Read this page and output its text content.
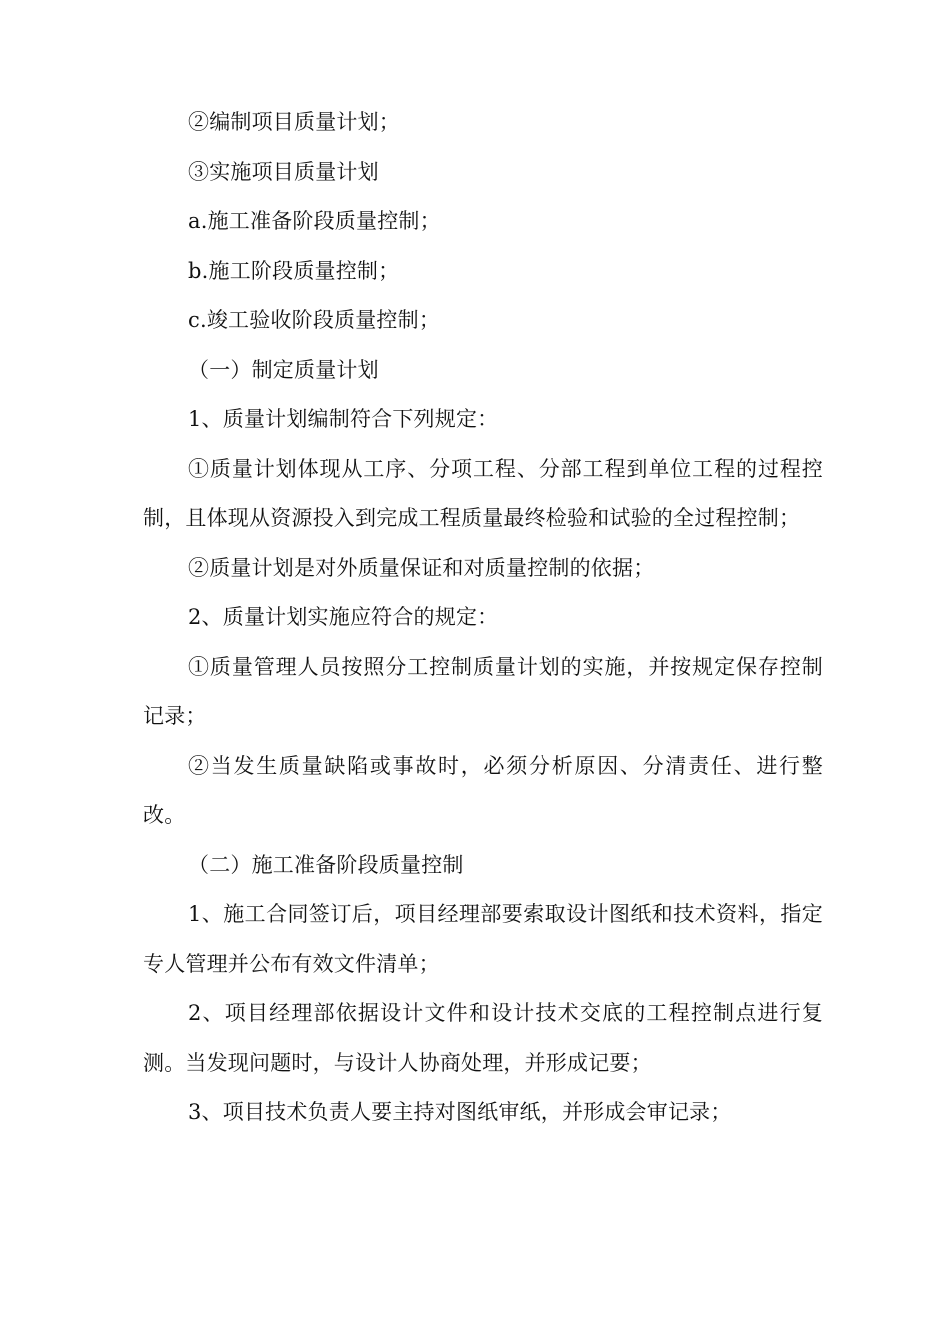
②编制项目质量计划；

③实施项目质量计划

a.施工准备阶段质量控制；

b.施工阶段质量控制；

c.竣工验收阶段质量控制；

（一）制定质量计划

1、质量计划编制符合下列规定：

①质量计划体现从工序、分项工程、分部工程到单位工程的过程控制，且体现从资源投入到完成工程质量最终检验和试验的全过程控制；

②质量计划是对外质量保证和对质量控制的依据；

2、质量计划实施应符合的规定：

①质量管理人员按照分工控制质量计划的实施，并按规定保存控制记录；

②当发生质量缺陷或事故时，必须分析原因、分清责任、进行整改。

（二）施工准备阶段质量控制

1、施工合同签订后，项目经理部要索取设计图纸和技术资料，指定专人管理并公布有效文件清单；

2、项目经理部依据设计文件和设计技术交底的工程控制点进行复测。当发现问题时，与设计人协商处理，并形成记要；

3、项目技术负责人要主持对图纸审纸，并形成会审记录；
